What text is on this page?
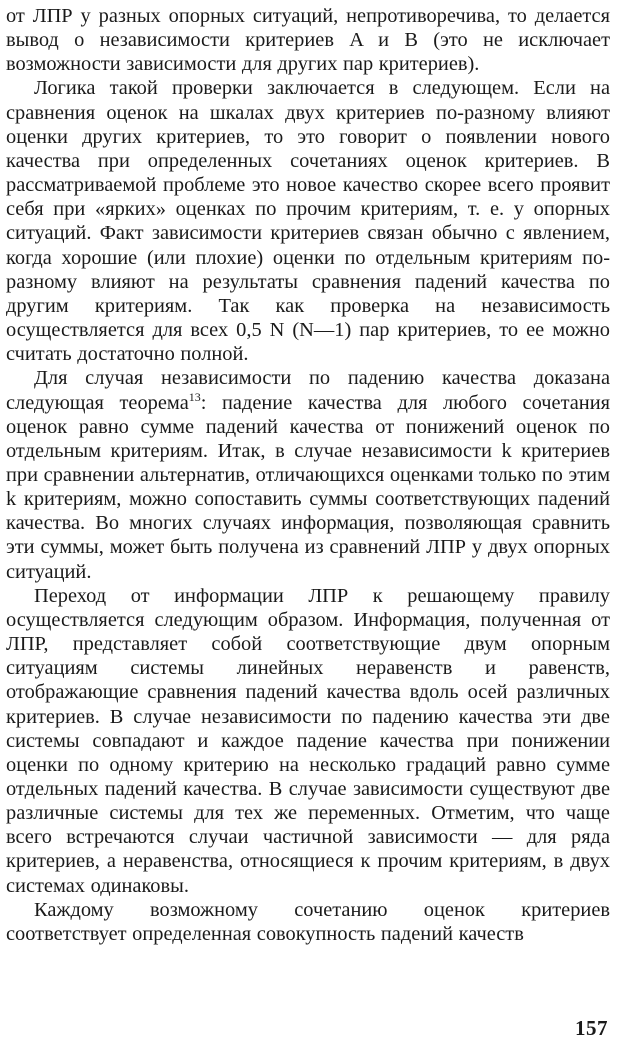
от ЛПР у разных опорных ситуаций, непротиворечива, то делается вывод о независимости критериев A и B (это не исключает возможности зависимости для других пар критериев).

Логика такой проверки заключается в следующем. Если на сравнения оценок на шкалах двух критериев по-разному влияют оценки других критериев, то это говорит о появлении нового качества при определенных сочетаниях оценок критериев. В рассматриваемой проблеме это новое качество скорее всего проявит себя при «ярких» оценках по прочим критериям, т. е. у опорных ситуаций. Факт зависимости критериев связан обычно с явлением, когда хорошие (или плохие) оценки по отдельным критериям по-разному влияют на результаты сравнения падений качества по другим критериям. Так как проверка на независимость осуществляется для всех 0,5 N (N—1) пар критериев, то ее можно считать достаточно полной.

Для случая независимости по падению качества доказана следующая теорема$^{13}$: падение качества для любого сочетания оценок равно сумме падений качества от понижений оценок по отдельным критериям. Итак, в случае независимости k критериев при сравнении альтернатив, отличающихся оценками только по этим k критериям, можно сопоставить суммы соответствующих падений качества. Во многих случаях информация, позволяющая сравнить эти суммы, может быть получена из сравнений ЛПР у двух опорных ситуаций.

Переход от информации ЛПР к решающему правилу осуществляется следующим образом. Информация, полученная от ЛПР, представляет собой соответствующие двум опорным ситуациям системы линейных неравенств и равенств, отображающие сравнения падений качества вдоль осей различных критериев. В случае независимости по падению качества эти две системы совпадают и каждое падение качества при понижении оценки по одному критерию на несколько градаций равно сумме отдельных падений качества. В случае зависимости существуют две различные системы для тех же переменных. Отметим, что чаще всего встречаются случаи частичной зависимости — для ряда критериев, а неравенства, относящиеся к прочим критериям, в двух системах одинаковы.

Каждому возможному сочетанию оценок критериев соответствует определенная совокупность падений качеств

157
